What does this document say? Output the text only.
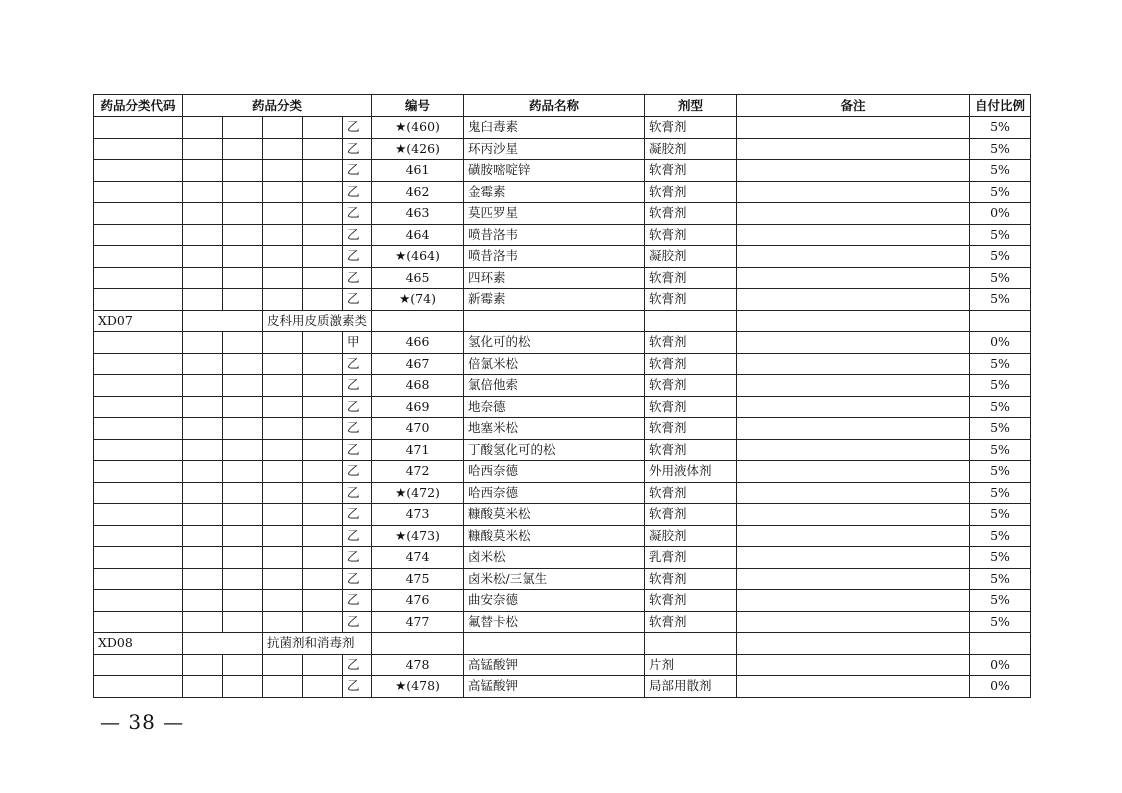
药品分类代码	药品分类					编号	药品名称	剂型	备注	自付比例
					乙	★(460)	鬼臼毒素	软膏剂		5%
					乙	★(426)	环丙沙星	凝胶剂		5%
					乙	461	磺胺嘧啶锌	软膏剂		5%
					乙	462	金霉素	软膏剂		5%
					乙	463	莫匹罗星	软膏剂		0%
					乙	464	喷昔洛韦	软膏剂		5%
					乙	★(464)	喷昔洛韦	凝胶剂		5%
					乙	465	四环素	软膏剂		5%
					乙	★(74)	新霉素	软膏剂		5%
XD07			皮科用皮质激素类							
					甲	466	氢化可的松	软膏剂		0%
					乙	467	倍氯米松	软膏剂		5%
					乙	468	氯倍他索	软膏剂		5%
					乙	469	地奈德	软膏剂		5%
					乙	470	地塞米松	软膏剂		5%
					乙	471	丁酸氢化可的松	软膏剂		5%
					乙	472	哈西奈德	外用液体剂		5%
					乙	★(472)	哈西奈德	软膏剂		5%
					乙	473	糠酸莫米松	软膏剂		5%
					乙	★(473)	糠酸莫米松	凝胶剂		5%
					乙	474	卤米松	乳膏剂		5%
					乙	475	卤米松/三氯生	软膏剂		5%
					乙	476	曲安奈德	软膏剂		5%
					乙	477	氟替卡松	软膏剂		5%
XD08			抗菌剂和消毒剂							
					乙	478	高锰酸钾	片剂		0%
					乙	★(478)	高锰酸钾	局部用散剂		0%
— 38 —
